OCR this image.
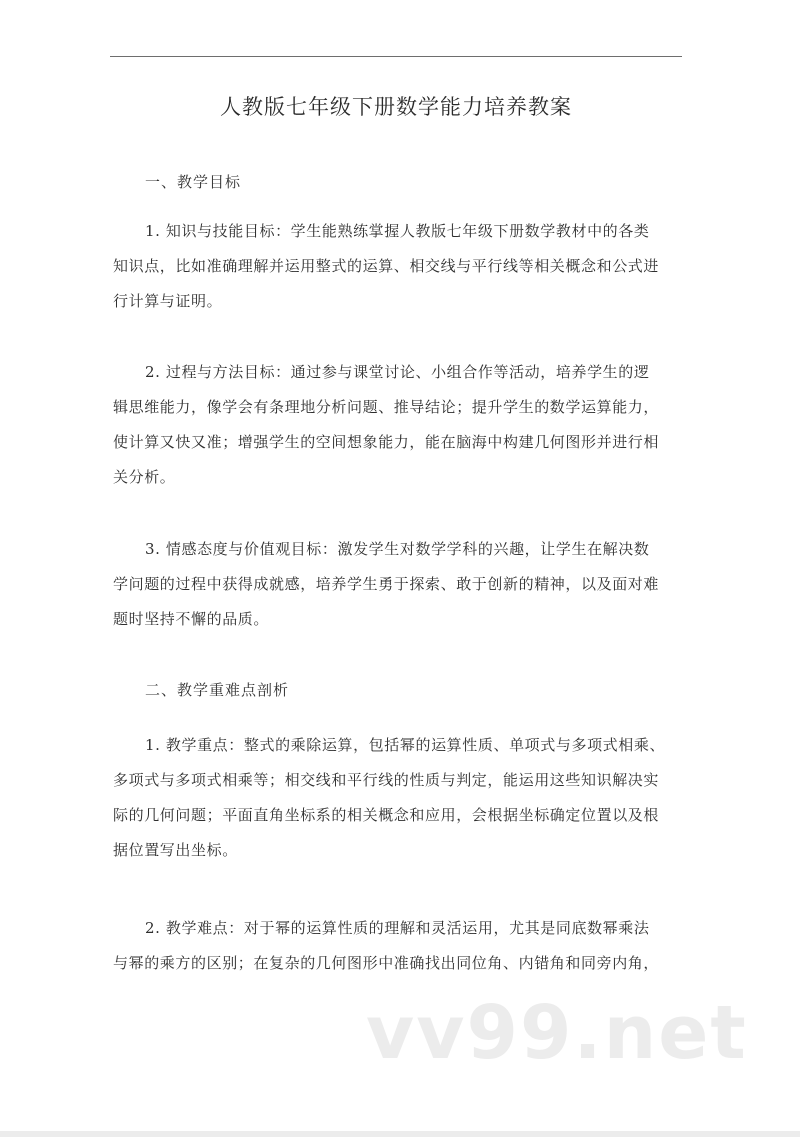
人教版七年级下册数学能力培养教案
一、教学目标

1. 知识与技能目标：学生能熟练掌握人教版七年级下册数学教材中的各类
知识点，比如准确理解并运用整式的运算、相交线与平行线等相关概念和公式进
行计算与证明。

2. 过程与方法目标：通过参与课堂讨论、小组合作等活动，培养学生的逻
辑思维能力，像学会有条理地分析问题、推导结论；提升学生的数学运算能力，
使计算又快又准；增强学生的空间想象能力，能在脑海中构建几何图形并进行相
关分析。

3. 情感态度与价值观目标：激发学生对数学学科的兴趣，让学生在解决数
学问题的过程中获得成就感，培养学生勇于探索、敢于创新的精神，以及面对难
题时坚持不懈的品质。

二、教学重难点剖析

1. 教学重点：整式的乘除运算，包括幂的运算性质、单项式与多项式相乘、
多项式与多项式相乘等；相交线和平行线的性质与判定，能运用这些知识解决实
际的几何问题；平面直角坐标系的相关概念和应用，会根据坐标确定位置以及根
据位置写出坐标。

2. 教学难点：对于幂的运算性质的理解和灵活运用，尤其是同底数幂乘法
与幂的乘方的区别；在复杂的几何图形中准确找出同位角、内错角和同旁内角，

vv99.net
